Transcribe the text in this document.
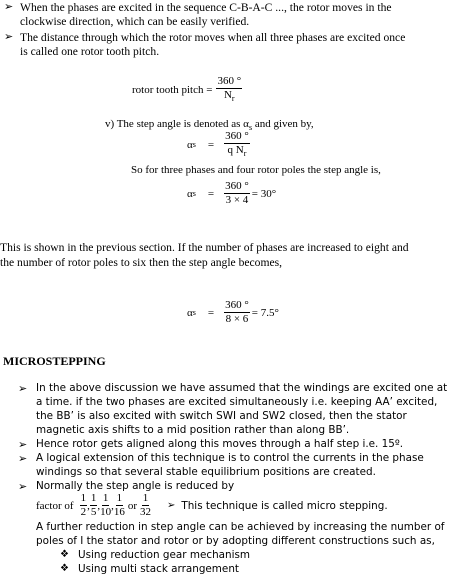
➢ When the phases are excited in the sequence C-B-A-C ..., the rotor moves in the
clockwise direction, which can be easily verified.
➢ The distance through which the rotor moves when all three phases are excited once
is called one rotor tooth pitch.
rotor tooth pitch = $\frac{360 ^\circ}{N_r}$
v) The step angle is denoted as $\alpha_s$ and given by,
α $s = \frac{360 ^\circ}{q N_r}$
So for three phases and four rotor poles the step angle is,
α $s = \frac{360 ^\circ}{3 \times 4} = 30^\circ$
This is shown in the previous section. If the number of phases are increased to eight and
the number of rotor poles to six then the step angle becomes,
α $s = \frac{360 ^\circ}{8 \times 6} = 7.5^\circ$
MICROSTEPPING
➢ In the above discussion we have assumed that the windings are excited one at
a time. if the two phases are excited simultaneously i.e. keeping AA’ excited,
the BB’ is also excited with switch SWI and SW2 closed, then the stator
magnetic axis shifts to a mid position rather than along BB’.
➢ Hence rotor gets aligned along this moves through a half step i.e. 15º.
➢ A logical extension of this technique is to control the currents in the phase
windings so that several stable equilibrium positions are created.
➢ Normally the step angle is reduced by
factor of $\frac{1}{2}$ , $\frac{1}{5}$ , $\frac{1}{10}$ , $\frac{1}{16}$ or $\frac{1}{32}$ ➢ This technique is called micro stepping.
A further reduction in step angle can be achieved by increasing the number of
poles of I the stator and rotor or by adopting different constructions such as,
❖ Using reduction gear mechanism
❖ Using multi stack arrangement
